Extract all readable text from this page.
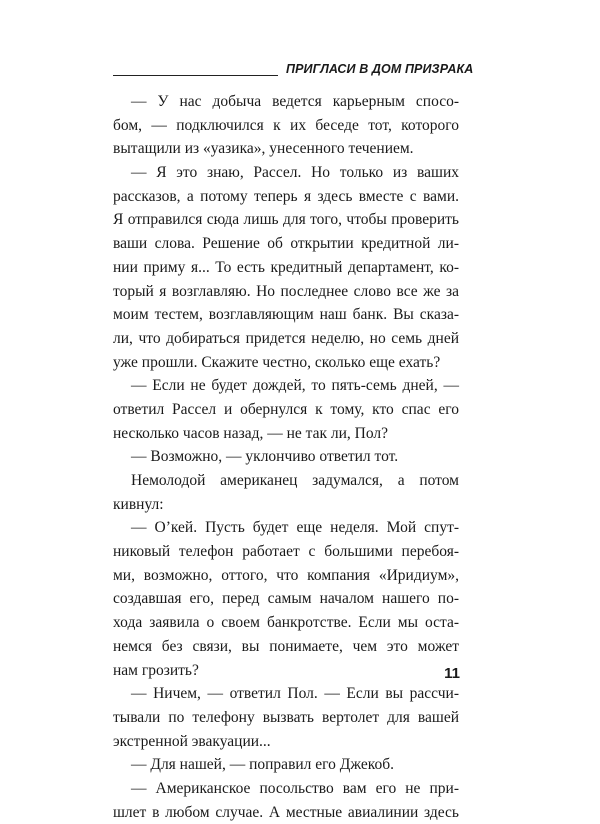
ПРИГЛАСИ В ДОМ ПРИЗРАКА
— У нас добыча ведется карьерным спосо-
бом, — подключился к их беседе тот, которого
вытащили из «уазика», унесенного течением.
— Я это знаю, Рассел. Но только из ваших
рассказов, а потому теперь я здесь вместе с вами.
Я отправился сюда лишь для того, чтобы проверить
ваши слова. Решение об открытии кредитной ли-
нии приму я... То есть кредитный департамент, ко-
торый я возглавляю. Но последнее слово все же за
моим тестем, возглавляющим наш банк. Вы сказа-
ли, что добираться придется неделю, но семь дней
уже прошли. Скажите честно, сколько еще ехать?
— Если не будет дождей, то пять-семь дней, —
ответил Рассел и обернулся к тому, кто спас его
несколько часов назад, — не так ли, Пол?
— Возможно, — уклончиво ответил тот.
Немолодой американец задумался, а потом
кивнул:
— О’кей. Пусть будет еще неделя. Мой спут-
никовый телефон работает с большими перебоя-
ми, возможно, оттого, что компания «Иридиум»,
создавшая его, перед самым началом нашего по-
хода заявила о своем банкротстве. Если мы оста-
немся без связи, вы понимаете, чем это может
нам грозить?
— Ничем, — ответил Пол. — Если вы рассчи-
тывали по телефону вызвать вертолет для вашей
экстренной эвакуации...
— Для нашей, — поправил его Джекоб.
— Американское посольство вам его не при-
шлет в любом случае. А местные авиалинии здесь
11
